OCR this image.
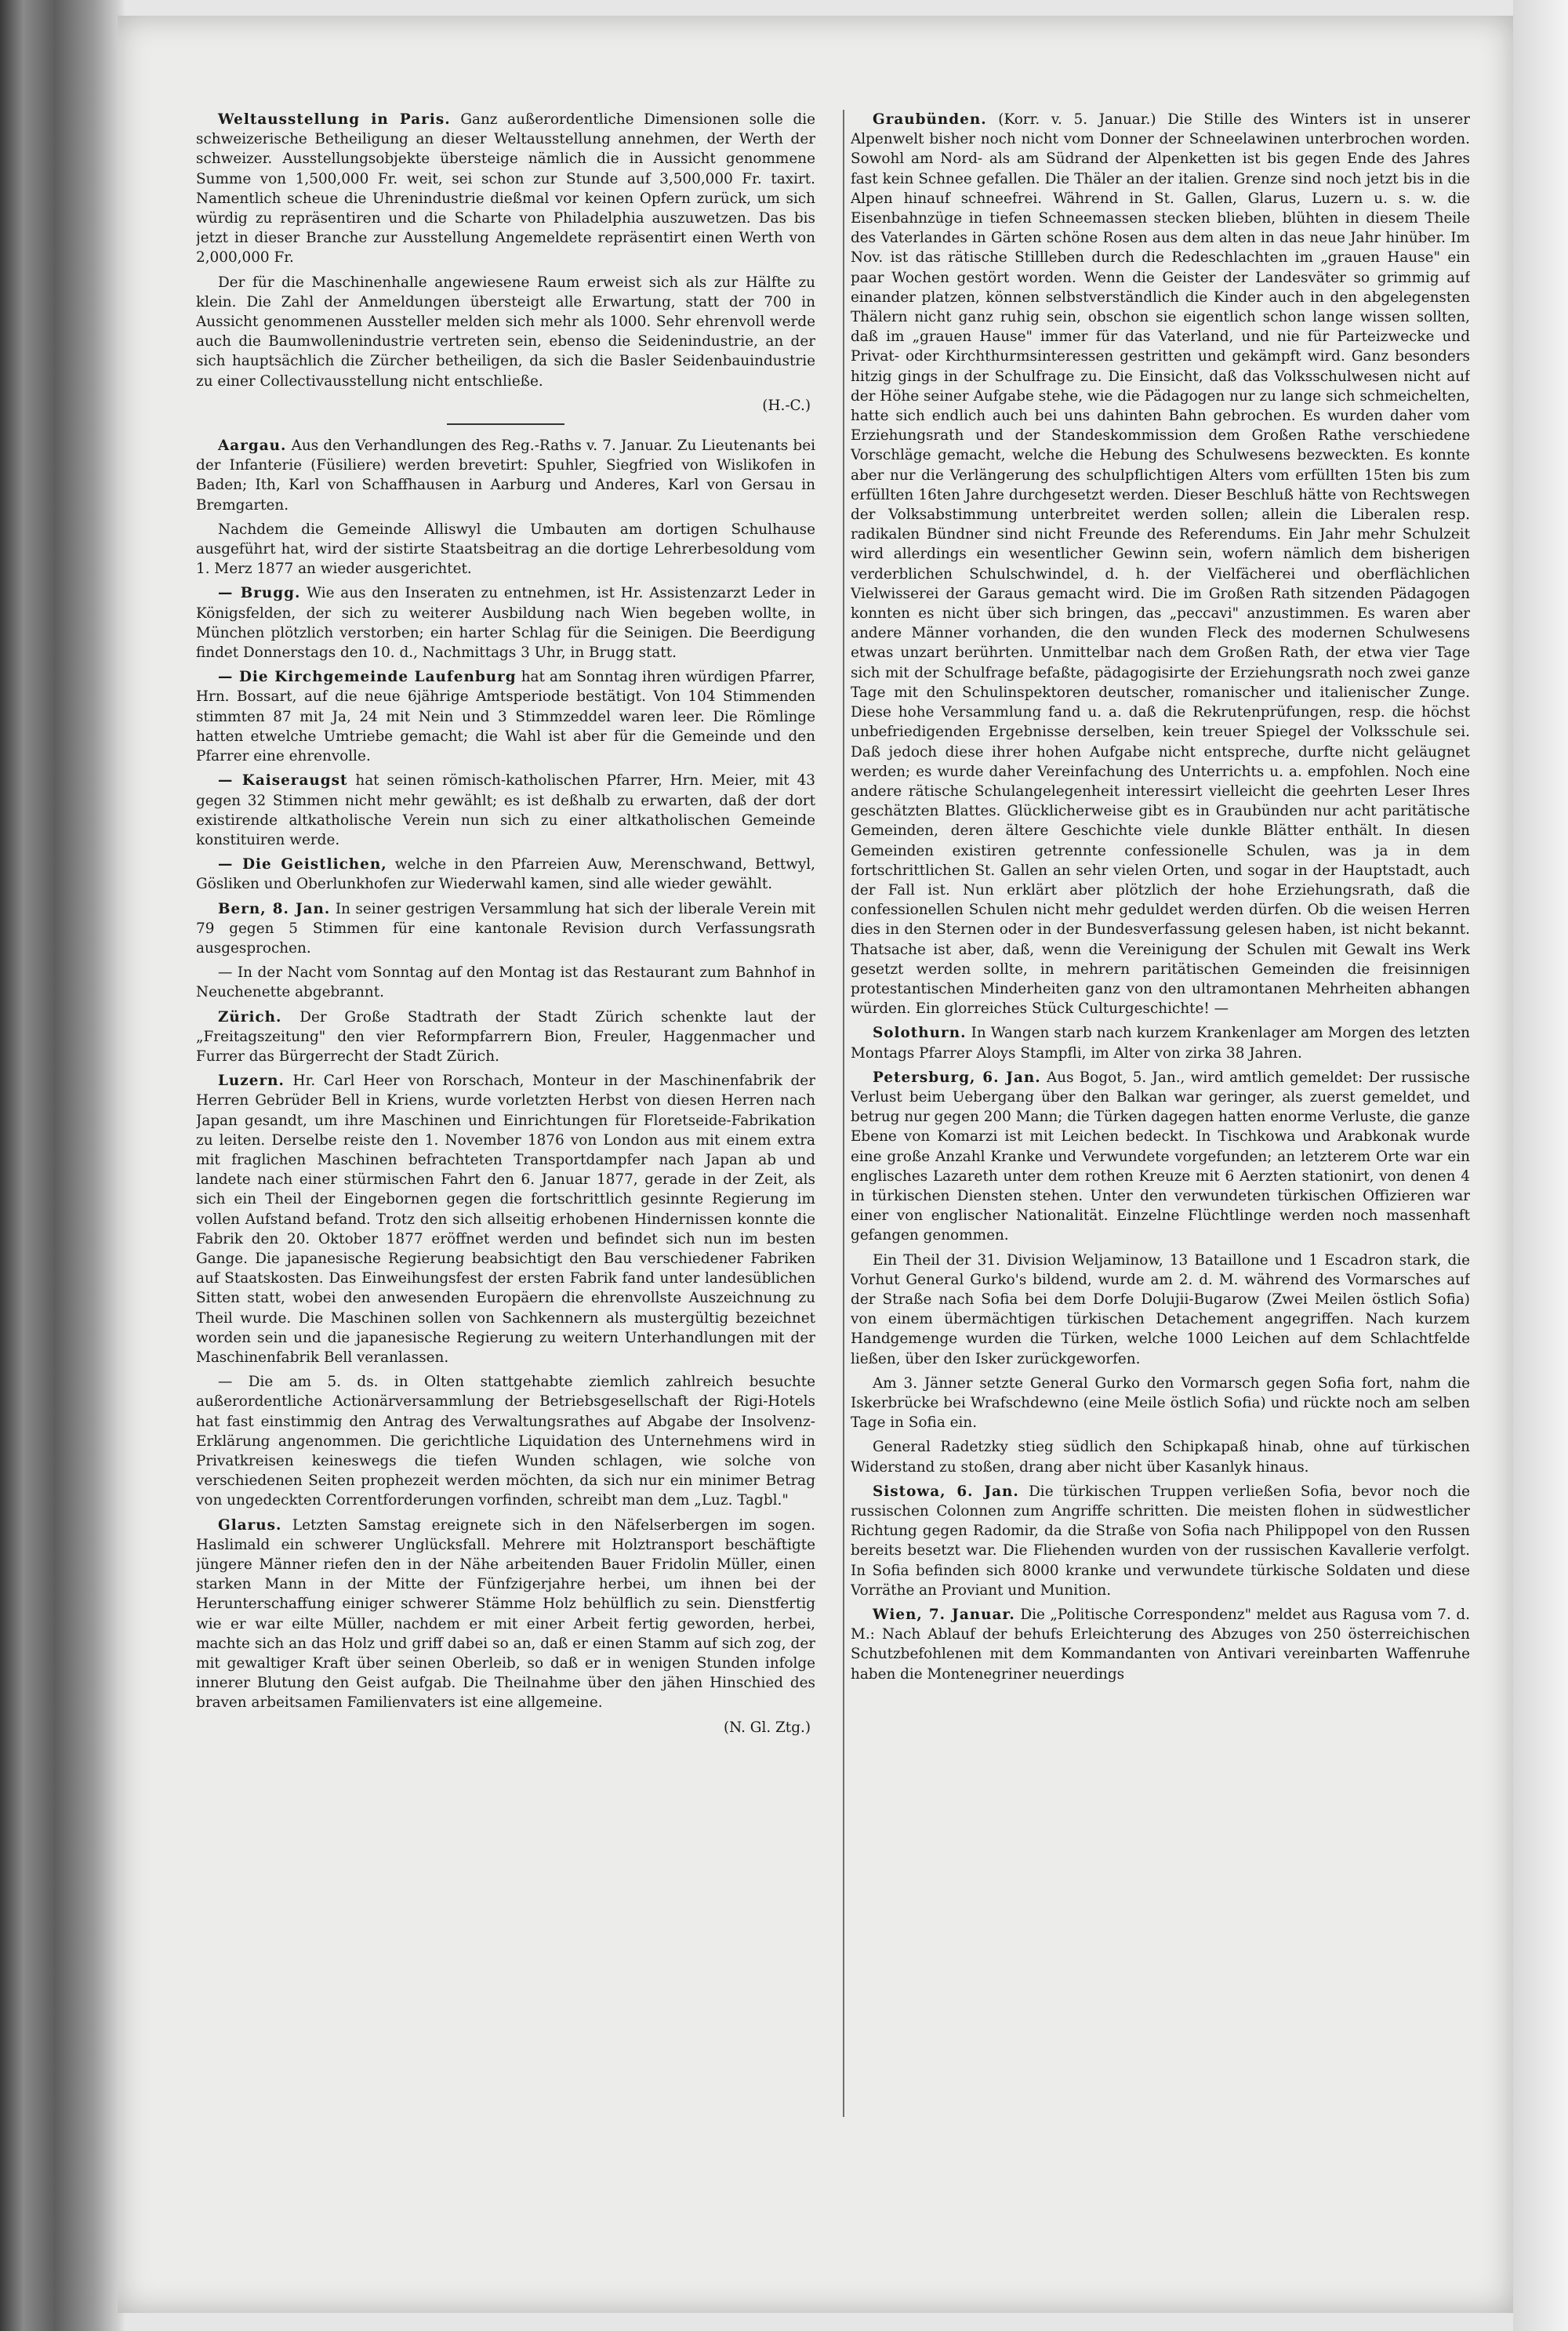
Weltausstellung in Paris. Ganz außerordentliche Dimensionen solle die schweizerische Betheiligung an dieser Weltausstellung annehmen, der Werth der schweizer. Ausstellungsobjekte übersteige nämlich die in Aussicht genommene Summe von 1,500,000 Fr. weit, sei schon zur Stunde auf 3,500,000 Fr. taxirt. Namentlich scheue die Uhrenindustrie dießmal vor keinen Opfern zurück, um sich würdig zu repräsentiren und die Scharte von Philadelphia auszuwetzen. Das bis jetzt in dieser Branche zur Ausstellung Angemeldete repräsentirt einen Werth von 2,000,000 Fr.

Der für die Maschinenhalle angewiesene Raum erweist sich als zur Hälfte zu klein. Die Zahl der Anmeldungen übersteigt alle Erwartung, statt der 700 in Aussicht genommenen Aussteller melden sich mehr als 1000. Sehr ehrenvoll werde auch die Baumwollenindustrie vertreten sein, ebenso die Seidenindustrie, an der sich hauptsächlich die Zürcher betheiligen, da sich die Basler Seidenbauindustrie zu einer Collectivausstellung nicht entschließe.

(H.-C.)

Aargau. Aus den Verhandlungen des Reg.-Raths v. 7. Januar. Zu Lieutenants bei der Infanterie (Füsiliere) werden brevetirt: Spuhler, Siegfried von Wislikofen in Baden; Ith, Karl von Schaffhausen in Aarburg und Anderes, Karl von Gersau in Bremgarten.

Nachdem die Gemeinde Alliswyl die Umbauten am dortigen Schulhause ausgeführt hat, wird der sistirte Staatsbeitrag an die dortige Lehrerbesoldung vom 1. Merz 1877 an wieder ausgerichtet.

— Brugg. Wie aus den Inseraten zu entnehmen, ist Hr. Assistenzarzt Leder in Königsfelden, der sich zu weiterer Ausbildung nach Wien begeben wollte, in München plötzlich verstorben; ein harter Schlag für die Seinigen. Die Beerdigung findet Donnerstags den 10. d., Nachmittags 3 Uhr, in Brugg statt.

— Die Kirchgemeinde Laufenburg hat am Sonntag ihren würdigen Pfarrer, Hrn. Bossart, auf die neue 6jährige Amtsperiode bestätigt. Von 104 Stimmenden stimmten 87 mit Ja, 24 mit Nein und 3 Stimmzeddel waren leer. Die Römlinge hatten etwelche Umtriebe gemacht; die Wahl ist aber für die Gemeinde und den Pfarrer eine ehrenvolle.

— Kaiseraugst hat seinen römisch-katholischen Pfarrer, Hrn. Meier, mit 43 gegen 32 Stimmen nicht mehr gewählt; es ist deßhalb zu erwarten, daß der dort existirende altkatholische Verein nun sich zu einer altkatholischen Gemeinde konstituiren werde.

— Die Geistlichen, welche in den Pfarreien Auw, Merenschwand, Bettwyl, Gösliken und Oberlunkhofen zur Wiederwahl kamen, sind alle wieder gewählt.

Bern, 8. Jan. In seiner gestrigen Versammlung hat sich der liberale Verein mit 79 gegen 5 Stimmen für eine kantonale Revision durch Verfassungsrath ausgesprochen.

— In der Nacht vom Sonntag auf den Montag ist das Restaurant zum Bahnhof in Neuchenette abgebrannt.

Zürich. Der Große Stadtrath der Stadt Zürich schenkte laut der „Freitagszeitung" den vier Reformpfarrern Bion, Freuler, Haggenmacher und Furrer das Bürgerrecht der Stadt Zürich.

Luzern. Hr. Carl Heer von Rorschach, Monteur in der Maschinenfabrik der Herren Gebrüder Bell in Kriens, wurde vorletzten Herbst von diesen Herren nach Japan gesandt, um ihre Maschinen und Einrichtungen für Floretseide-Fabrikation zu leiten. Derselbe reiste den 1. November 1876 von London aus mit einem extra mit fraglichen Maschinen befrachteten Transportdampfer nach Japan ab und landete nach einer stürmischen Fahrt den 6. Januar 1877, gerade in der Zeit, als sich ein Theil der Eingebornen gegen die fortschrittlich gesinnte Regierung im vollen Aufstand befand. Trotz den sich allseitig erhobenen Hindernissen konnte die Fabrik den 20. Oktober 1877 eröffnet werden und befindet sich nun im besten Gange. Die japanesische Regierung beabsichtigt den Bau verschiedener Fabriken auf Staatskosten. Das Einweihungsfest der ersten Fabrik fand unter landesüblichen Sitten statt, wobei den anwesenden Europäern die ehrenvollste Auszeichnung zu Theil wurde. Die Maschinen sollen von Sachkennern als mustergültig bezeichnet worden sein und die japanesische Regierung zu weitern Unterhandlungen mit der Maschinenfabrik Bell veranlassen.

— Die am 5. ds. in Olten stattgehabte ziemlich zahlreich besuchte außerordentliche Actionärversammlung der Betriebsgesellschaft der Rigi-Hotels hat fast einstimmig den Antrag des Verwaltungsrathes auf Abgabe der Insolvenz-Erklärung angenommen. Die gerichtliche Liquidation des Unternehmens wird in Privatkreisen keineswegs die tiefen Wunden schlagen, wie solche von verschiedenen Seiten prophezeit werden möchten, da sich nur ein minimer Betrag von ungedeckten Correntforderungen vorfinden, schreibt man dem „Luz. Tagbl."

Glarus. Letzten Samstag ereignete sich in den Näfelserbergen im sogen. Haslimald ein schwerer Unglücksfall. Mehrere mit Holztransport beschäftigte jüngere Männer riefen den in der Nähe arbeitenden Bauer Fridolin Müller, einen starken Mann in der Mitte der Fünfzigerjahre herbei, um ihnen bei der Herunterschaffung einiger schwerer Stämme Holz behülflich zu sein. Dienstfertig wie er war eilte Müller, nachdem er mit einer Arbeit fertig geworden, herbei, machte sich an das Holz und griff dabei so an, daß er einen Stamm auf sich zog, der mit gewaltiger Kraft über seinen Oberleib, so daß er in wenigen Stunden infolge innerer Blutung den Geist aufgab. Die Theilnahme über den jähen Hinschied des braven arbeitsamen Familienvaters ist eine allgemeine.

(N. Gl. Ztg.)

Graubünden. (Korr. v. 5. Januar.) Die Stille des Winters ist in unserer Alpenwelt bisher noch nicht vom Donner der Schneelawinen unterbrochen worden. Sowohl am Nord- als am Südrand der Alpenketten ist bis gegen Ende des Jahres fast kein Schnee gefallen. Die Thäler an der italien. Grenze sind noch jetzt bis in die Alpen hinauf schneefrei. Während in St. Gallen, Glarus, Luzern u. s. w. die Eisenbahnzüge in tiefen Schneemassen stecken blieben, blühten in diesem Theile des Vaterlandes in Gärten schöne Rosen aus dem alten in das neue Jahr hinüber. Im Nov. ist das rätische Stillleben durch die Redeschlachten im „grauen Hause" ein paar Wochen gestört worden. Wenn die Geister der Landesväter so grimmig auf einander platzen, können selbstverständlich die Kinder auch in den abgelegensten Thälern nicht ganz ruhig sein, obschon sie eigentlich schon lange wissen sollten, daß im „grauen Hause" immer für das Vaterland, und nie für Parteizwecke und Privat- oder Kirchthurmsinteressen gestritten und gekämpft wird. Ganz besonders hitzig gings in der Schulfrage zu. Die Einsicht, daß das Volksschulwesen nicht auf der Höhe seiner Aufgabe stehe, wie die Pädagogen nur zu lange sich schmeichelten, hatte sich endlich auch bei uns dahinten Bahn gebrochen. Es wurden daher vom Erziehungsrath und der Standeskommission dem Großen Rathe verschiedene Vorschläge gemacht, welche die Hebung des Schulwesens bezweckten. Es konnte aber nur die Verlängerung des schulpflichtigen Alters vom erfüllten 15ten bis zum erfüllten 16ten Jahre durchgesetzt werden. Dieser Beschluß hätte von Rechtswegen der Volksabstimmung unterbreitet werden sollen; allein die Liberalen resp. radikalen Bündner sind nicht Freunde des Referendums. Ein Jahr mehr Schulzeit wird allerdings ein wesentlicher Gewinn sein, wofern nämlich dem bisherigen verderblichen Schulschwindel, d. h. der Vielfächerei und oberflächlichen Vielwisserei der Garaus gemacht wird. Die im Großen Rath sitzenden Pädagogen konnten es nicht über sich bringen, das „peccavi" anzustimmen. Es waren aber andere Männer vorhanden, die den wunden Fleck des modernen Schulwesens etwas unzart berührten. Unmittelbar nach dem Großen Rath, der etwa vier Tage sich mit der Schulfrage befaßte, pädagogisirte der Erziehungsrath noch zwei ganze Tage mit den Schulinspektoren deutscher, romanischer und italienischer Zunge. Diese hohe Versammlung fand u. a. daß die Rekrutenprüfungen, resp. die höchst unbefriedigenden Ergebnisse derselben, kein treuer Spiegel der Volksschule sei. Daß jedoch diese ihrer hohen Aufgabe nicht entspreche, durfte nicht geläugnet werden; es wurde daher Vereinfachung des Unterrichts u. a. empfohlen. Noch eine andere rätische Schulangelegenheit interessirt vielleicht die geehrten Leser Ihres geschätzten Blattes. Glücklicherweise gibt es in Graubünden nur acht paritätische Gemeinden, deren ältere Geschichte viele dunkle Blätter enthält. In diesen Gemeinden existiren getrennte confessionelle Schulen, was ja in dem fortschrittlichen St. Gallen an sehr vielen Orten, und sogar in der Hauptstadt, auch der Fall ist. Nun erklärt aber plötzlich der hohe Erziehungsrath, daß die confessionellen Schulen nicht mehr geduldet werden dürfen. Ob die weisen Herren dies in den Sternen oder in der Bundesverfassung gelesen haben, ist nicht bekannt. Thatsache ist aber, daß, wenn die Vereinigung der Schulen mit Gewalt ins Werk gesetzt werden sollte, in mehrern paritätischen Gemeinden die freisinnigen protestantischen Minderheiten ganz von den ultramontanen Mehrheiten abhangen würden. Ein glorreiches Stück Culturgeschichte! —

Solothurn. In Wangen starb nach kurzem Krankenlager am Morgen des letzten Montags Pfarrer Aloys Stampfli, im Alter von zirka 38 Jahren.

Petersburg, 6. Jan. Aus Bogot, 5. Jan., wird amtlich gemeldet: Der russische Verlust beim Uebergang über den Balkan war geringer, als zuerst gemeldet, und betrug nur gegen 200 Mann; die Türken dagegen hatten enorme Verluste, die ganze Ebene von Komarzi ist mit Leichen bedeckt. In Tischkowa und Arabkonak wurde eine große Anzahl Kranke und Verwundete vorgefunden; an letzterem Orte war ein englisches Lazareth unter dem rothen Kreuze mit 6 Aerzten stationirt, von denen 4 in türkischen Diensten stehen. Unter den verwundeten türkischen Offizieren war einer von englischer Nationalität. Einzelne Flüchtlinge werden noch massenhaft gefangen genommen.

Ein Theil der 31. Division Weljaminow, 13 Bataillone und 1 Escadron stark, die Vorhut General Gurko's bildend, wurde am 2. d. M. während des Vormarsches auf der Straße nach Sofia bei dem Dorfe Dolujii-Bugarow (Zwei Meilen östlich Sofia) von einem übermächtigen türkischen Detachement angegriffen. Nach kurzem Handgemenge wurden die Türken, welche 1000 Leichen auf dem Schlachtfelde ließen, über den Isker zurückgeworfen.

Am 3. Jänner setzte General Gurko den Vormarsch gegen Sofia fort, nahm die Iskerbrücke bei Wrafschdewno (eine Meile östlich Sofia) und rückte noch am selben Tage in Sofia ein.

General Radetzky stieg südlich den Schipkapaß hinab, ohne auf türkischen Widerstand zu stoßen, drang aber nicht über Kasanlyk hinaus.

Sistowa, 6. Jan. Die türkischen Truppen verließen Sofia, bevor noch die russischen Colonnen zum Angriffe schritten. Die meisten flohen in südwestlicher Richtung gegen Radomir, da die Straße von Sofia nach Philippopel von den Russen bereits besetzt war. Die Fliehenden wurden von der russischen Kavallerie verfolgt. In Sofia befinden sich 8000 kranke und verwundete türkische Soldaten und diese Vorräthe an Proviant und Munition.

Wien, 7. Januar. Die „Politische Correspondenz" meldet aus Ragusa vom 7. d. M.: Nach Ablauf der behufs Erleichterung des Abzuges von 250 österreichischen Schutzbefohlenen mit dem Kommandanten von Antivari vereinbarten Waffenruhe haben die Montenegriner neuerdings
